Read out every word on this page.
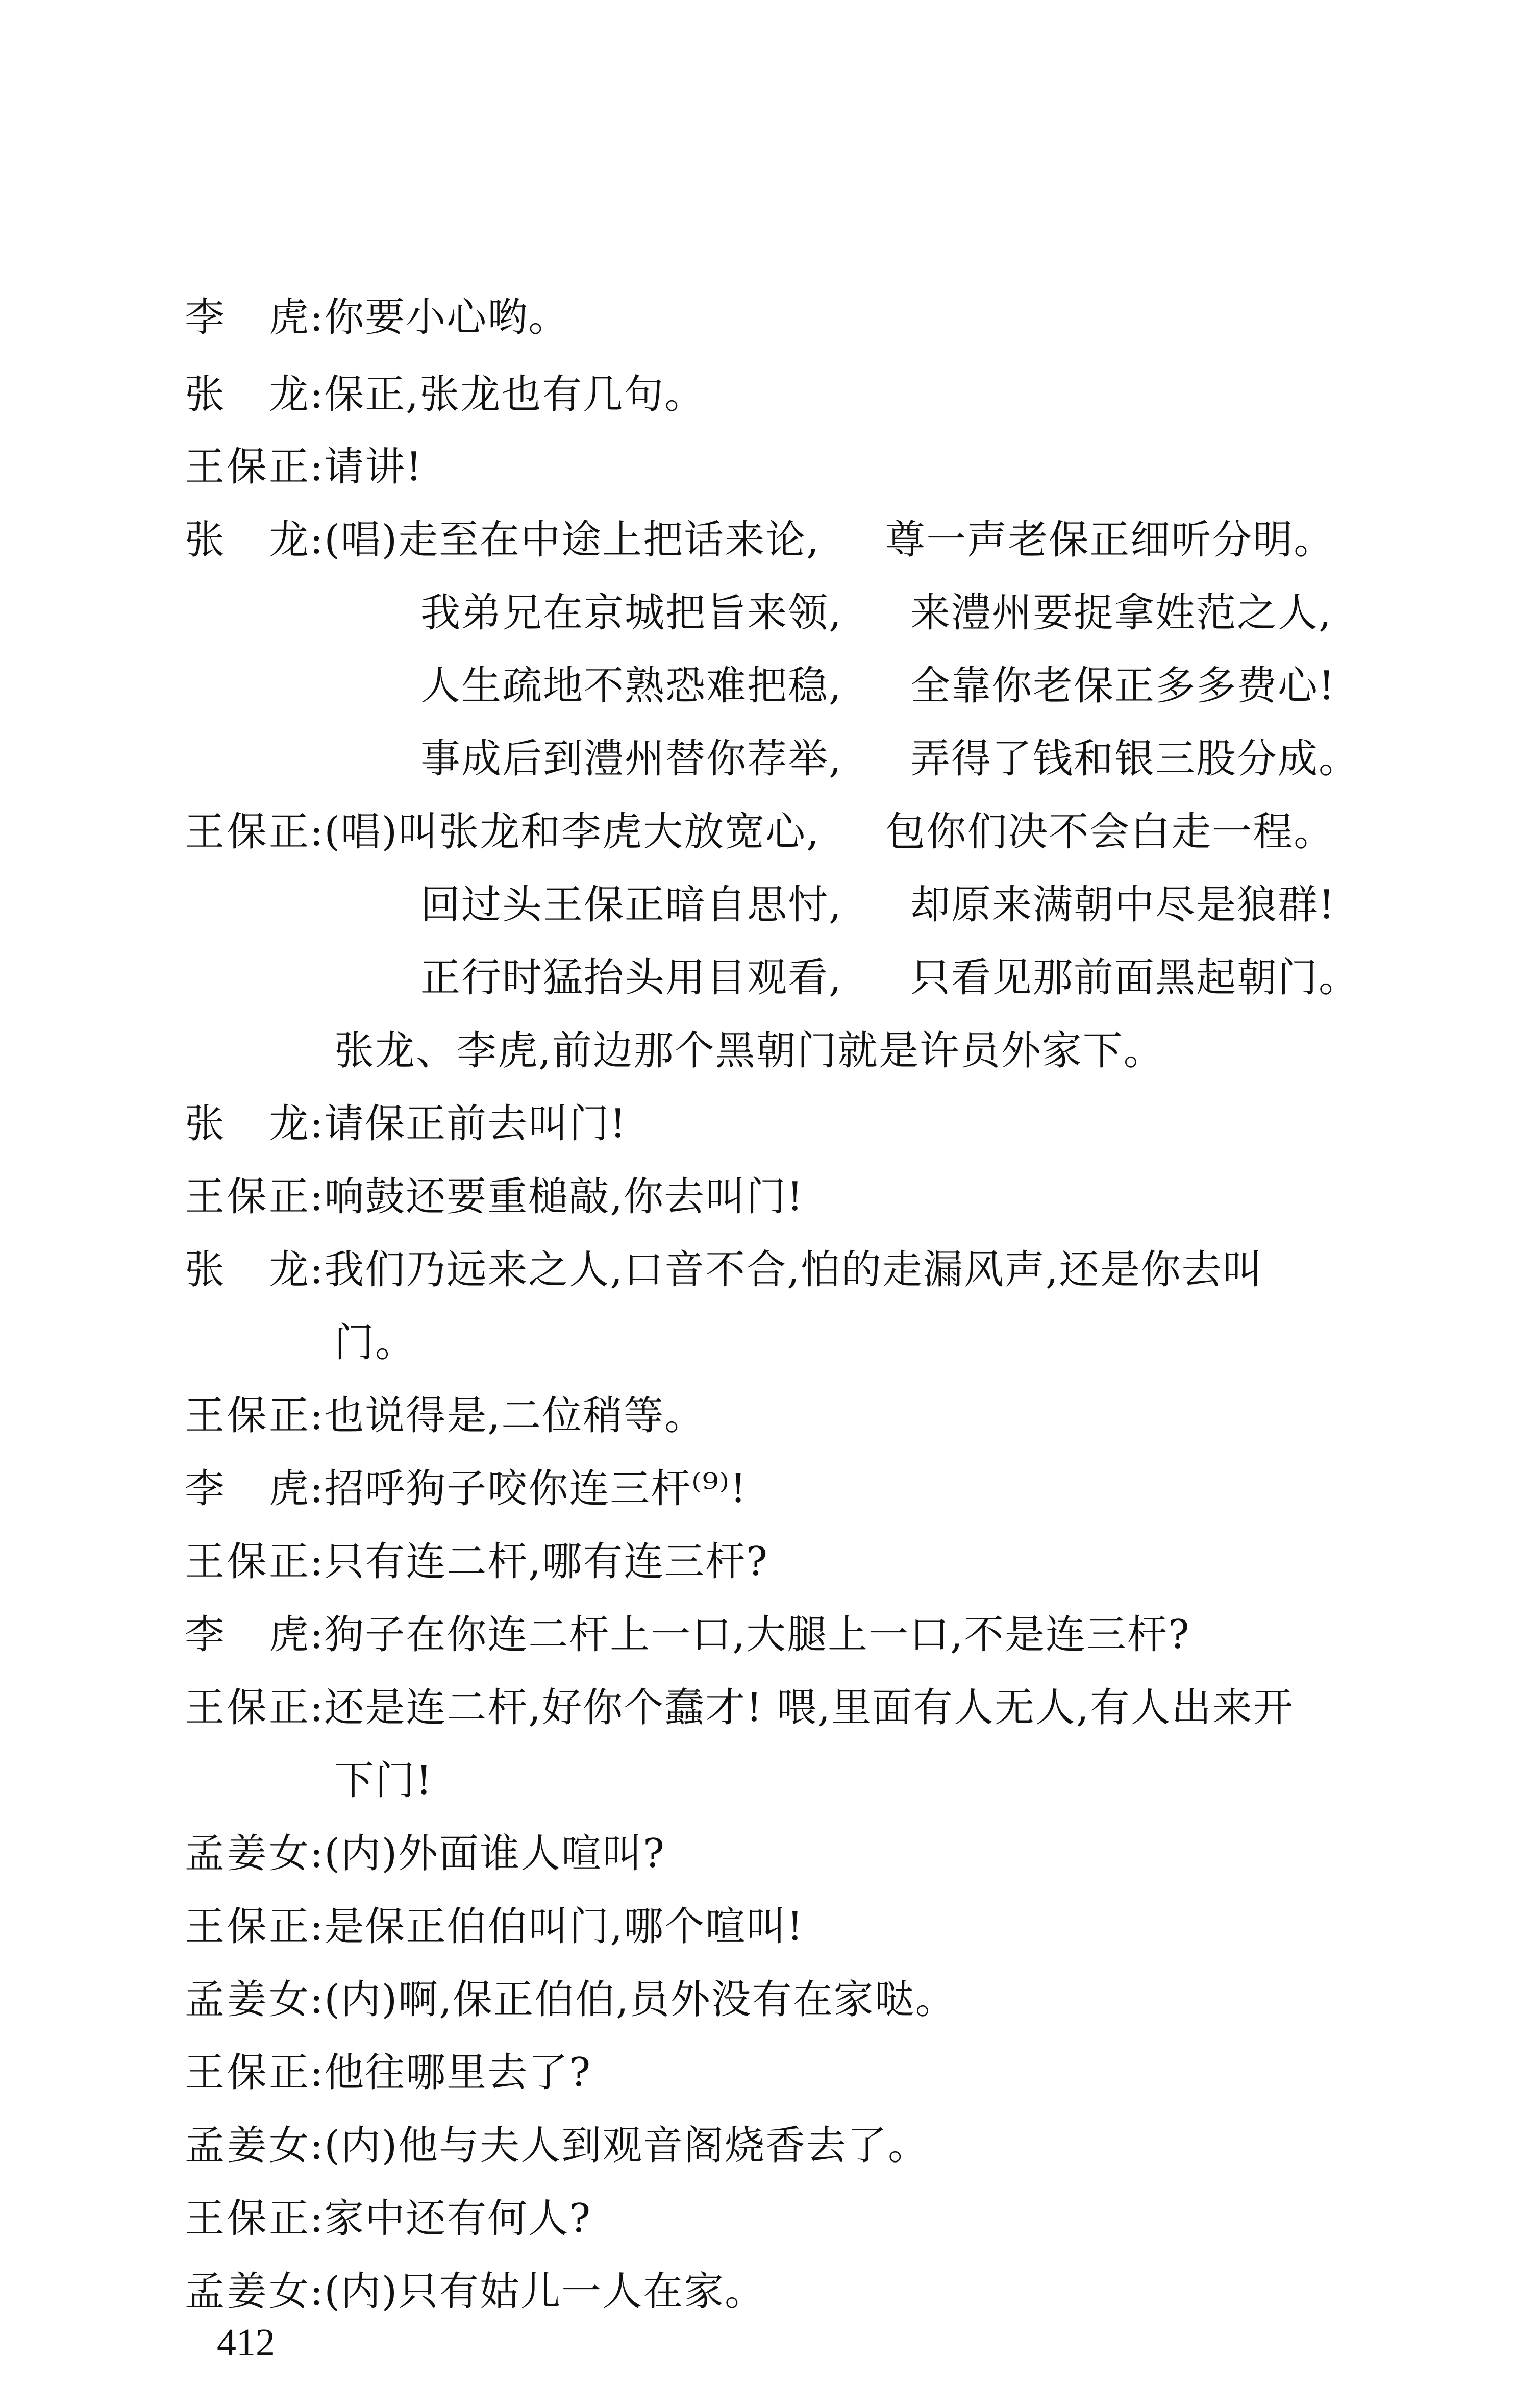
李　虎:你要小心哟。
张　龙:保正,张龙也有几句。
王保正:请讲!
张　龙:(唱)走至在中途上把话来论, 尊一声老保正细听分明。
我弟兄在京城把旨来领, 来澧州要捉拿姓范之人,
人生疏地不熟恐难把稳, 全靠你老保正多多费心!
事成后到澧州替你荐举, 弄得了钱和银三股分成。
王保正:(唱)叫张龙和李虎大放宽心, 包你们决不会白走一程。
回过头王保正暗自思忖, 却原来满朝中尽是狼群!
正行时猛抬头用目观看, 只看见那前面黑起朝门。
张龙、李虎,前边那个黑朝门就是许员外家下。
张　龙:请保正前去叫门!
王保正:响鼓还要重槌敲,你去叫门!
张　龙:我们乃远来之人,口音不合,怕的走漏风声,还是你去叫
门。
王保正:也说得是,二位稍等。
李　虎:招呼狗子咬你连三杆⁽⁹⁾!
王保正:只有连二杆,哪有连三杆?
李　虎:狗子在你连二杆上一口,大腿上一口,不是连三杆?
王保正:还是连二杆,好你个蠢才! 喂,里面有人无人,有人出来开
下门!
孟姜女:(内)外面谁人喧叫?
王保正:是保正伯伯叫门,哪个喧叫!
孟姜女:(内)啊,保正伯伯,员外没有在家哒。
王保正:他往哪里去了?
孟姜女:(内)他与夫人到观音阁烧香去了。
王保正:家中还有何人?
孟姜女:(内)只有姑儿一人在家。
412
